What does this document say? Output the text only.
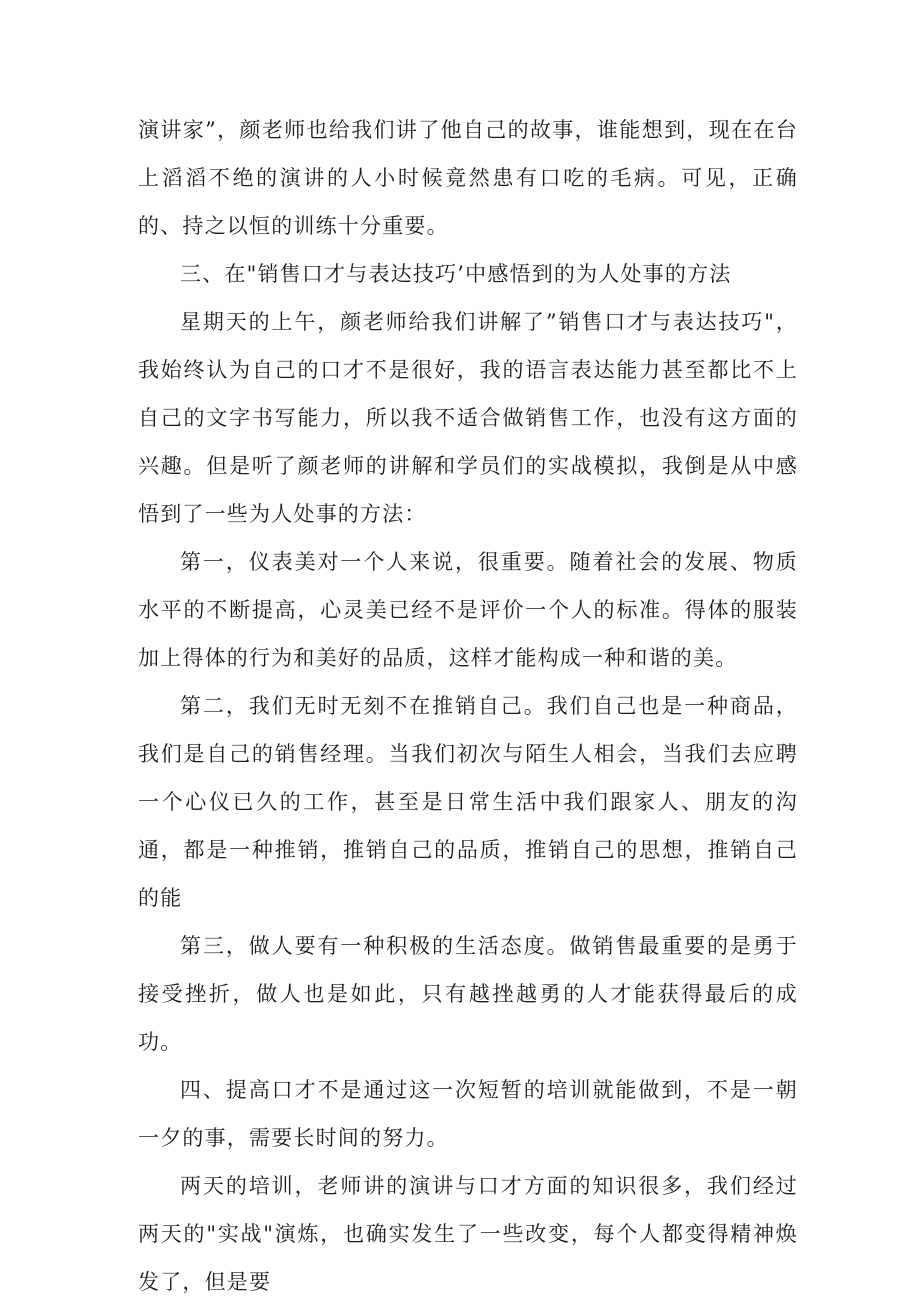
演讲家”，颜老师也给我们讲了他自己的故事，谁能想到，现在在台上滔滔不绝的演讲的人小时候竟然患有口吃的毛病。可见，正确的、持之以恒的训练十分重要。

三、在"销售口才与表达技巧’中感悟到的为人处事的方法

星期天的上午，颜老师给我们讲解了”销售口才与表达技巧"，我始终认为自己的口才不是很好，我的语言表达能力甚至都比不上自己的文字书写能力，所以我不适合做销售工作，也没有这方面的兴趣。但是听了颜老师的讲解和学员们的实战模拟，我倒是从中感悟到了一些为人处事的方法：

第一，仪表美对一个人来说，很重要。随着社会的发展、物质水平的不断提高，心灵美已经不是评价一个人的标准。得体的服装加上得体的行为和美好的品质，这样才能构成一种和谐的美。

第二，我们无时无刻不在推销自己。我们自己也是一种商品，我们是自己的销售经理。当我们初次与陌生人相会，当我们去应聘一个心仪已久的工作，甚至是日常生活中我们跟家人、朋友的沟通，都是一种推销，推销自己的品质，推销自己的思想，推销自己的能

第三，做人要有一种积极的生活态度。做销售最重要的是勇于接受挫折，做人也是如此，只有越挫越勇的人才能获得最后的成功。

四、提高口才不是通过这一次短暂的培训就能做到，不是一朝一夕的事，需要长时间的努力。

两天的培训，老师讲的演讲与口才方面的知识很多，我们经过两天的"实战"演炼，也确实发生了一些改变，每个人都变得精神焕发了，但是要
